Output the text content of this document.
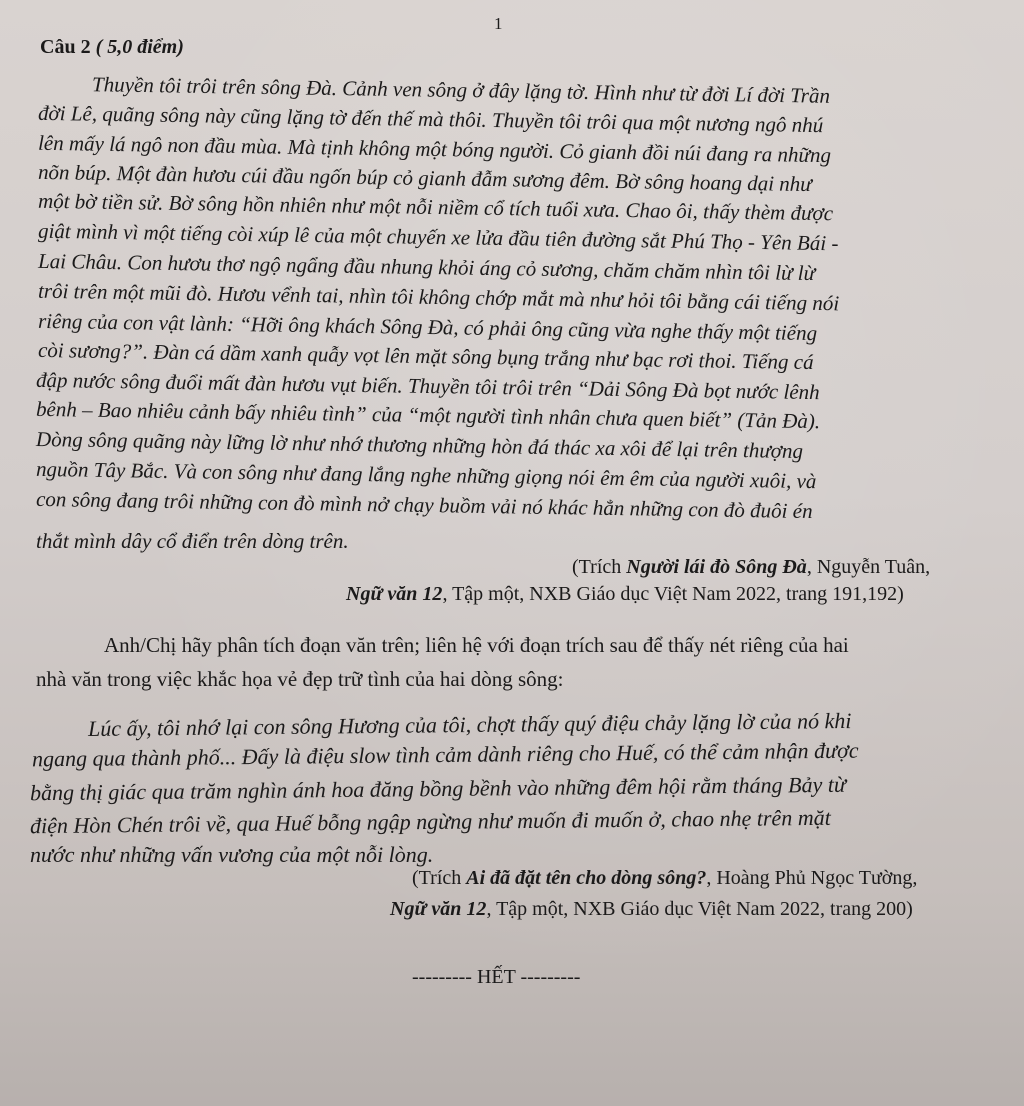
1
Câu 2 ( 5,0 điểm)
Thuyền tôi trôi trên sông Đà. Cảnh ven sông ở đây lặng tờ. Hình như từ đời Lí đời Trần
đời Lê, quãng sông này cũng lặng tờ đến thế mà thôi. Thuyền tôi trôi qua một nương ngô nhú
lên mấy lá ngô non đầu mùa. Mà tịnh không một bóng người. Cỏ gianh đồi núi đang ra những
nõn búp. Một đàn hươu cúi đầu ngốn búp cỏ gianh đẫm sương đêm. Bờ sông hoang dại như
một bờ tiền sử. Bờ sông hồn nhiên như một nỗi niềm cổ tích tuổi xưa. Chao ôi, thấy thèm được
giật mình vì một tiếng còi xúp lê của một chuyến xe lửa đầu tiên đường sắt Phú Thọ - Yên Bái -
Lai Châu. Con hươu thơ ngộ ngẩng đầu nhung khỏi áng cỏ sương, chăm chăm nhìn tôi lừ lừ
trôi trên một mũi đò. Hươu vểnh tai, nhìn tôi không chớp mắt mà như hỏi tôi bằng cái tiếng nói
riêng của con vật lành: “Hỡi ông khách Sông Đà, có phải ông cũng vừa nghe thấy một tiếng
còi sương?”. Đàn cá dầm xanh quẫy vọt lên mặt sông bụng trắng như bạc rơi thoi. Tiếng cá
đập nước sông đuổi mất đàn hươu vụt biến. Thuyền tôi trôi trên “Dải Sông Đà bọt nước lênh
bênh – Bao nhiêu cảnh bấy nhiêu tình” của “một người tình nhân chưa quen biết” (Tản Đà).
Dòng sông quãng này lững lờ như nhớ thương những hòn đá thác xa xôi để lại trên thượng
nguồn Tây Bắc. Và con sông như đang lắng nghe những giọng nói êm êm của người xuôi, và
con sông đang trôi những con đò mình nở chạy buồm vải nó khác hẳn những con đò đuôi én
thắt mình dây cổ điển trên dòng trên.
(Trích Người lái đò Sông Đà, Nguyễn Tuân,
Ngữ văn 12, Tập một, NXB Giáo dục Việt Nam 2022, trang 191,192)
Anh/Chị hãy phân tích đoạn văn trên; liên hệ với đoạn trích sau để thấy nét riêng của hai
nhà văn trong việc khắc họa vẻ đẹp trữ tình của hai dòng sông:
Lúc ấy, tôi nhớ lại con sông Hương của tôi, chợt thấy quý điệu chảy lặng lờ của nó khi
ngang qua thành phố... Đấy là điệu slow tình cảm dành riêng cho Huế, có thể cảm nhận được
bằng thị giác qua trăm nghìn ánh hoa đăng bồng bềnh vào những đêm hội rằm tháng Bảy từ
điện Hòn Chén trôi về, qua Huế bỗng ngập ngừng như muốn đi muốn ở, chao nhẹ trên mặt
nước như những vấn vương của một nỗi lòng.
(Trích Ai đã đặt tên cho dòng sông?, Hoàng Phủ Ngọc Tường,
Ngữ văn 12, Tập một, NXB Giáo dục Việt Nam 2022, trang 200)
--------- HẾT ---------
